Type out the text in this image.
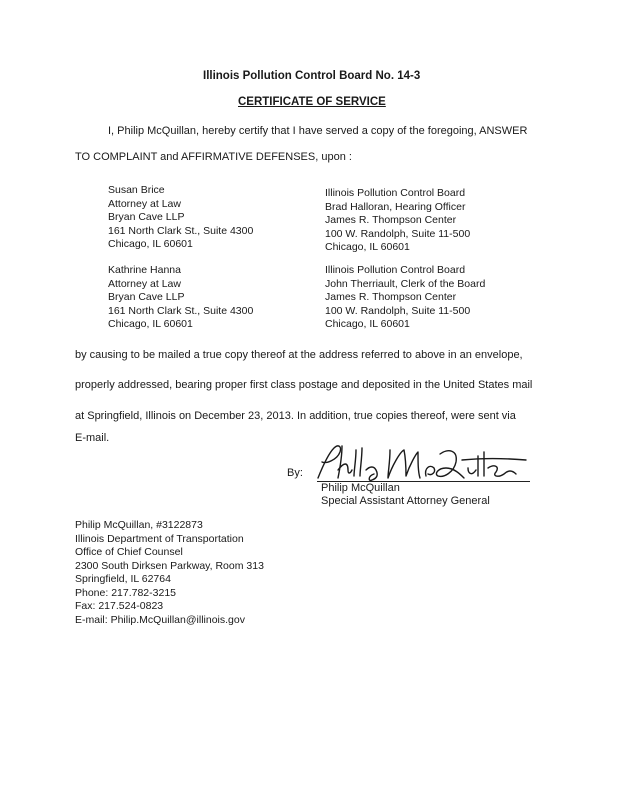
Illinois Pollution Control Board No. 14-3
CERTIFICATE OF SERVICE
I, Philip McQuillan, hereby certify that I have served a copy of the foregoing, ANSWER
TO COMPLAINT and AFFIRMATIVE DEFENSES, upon :
Susan Brice
Attorney at Law
Bryan Cave LLP
161 North Clark St., Suite 4300
Chicago, IL 60601
Illinois Pollution Control Board
Brad Halloran, Hearing Officer
James R. Thompson Center
100 W. Randolph, Suite 11-500
Chicago, IL 60601
Kathrine Hanna
Attorney at Law
Bryan Cave LLP
161 North Clark St., Suite 4300
Chicago, IL 60601
Illinois Pollution Control Board
John Therriault, Clerk of the Board
James R. Thompson Center
100 W. Randolph, Suite 11-500
Chicago, IL 60601
by causing to be mailed a true copy thereof at the address referred to above in an envelope,
properly addressed, bearing proper first class postage and deposited in the United States mail
at Springfield, Illinois on December 23, 2013. In addition, true copies thereof, were sent via
E-mail.
By:
Philip McQuillan
Special Assistant Attorney General
Philip McQuillan, #3122873
Illinois Department of Transportation
Office of Chief Counsel
2300 South Dirksen Parkway, Room 313
Springfield, IL 62764
Phone: 217.782-3215
Fax: 217.524-0823
E-mail: Philip.McQuillan@illinois.gov
